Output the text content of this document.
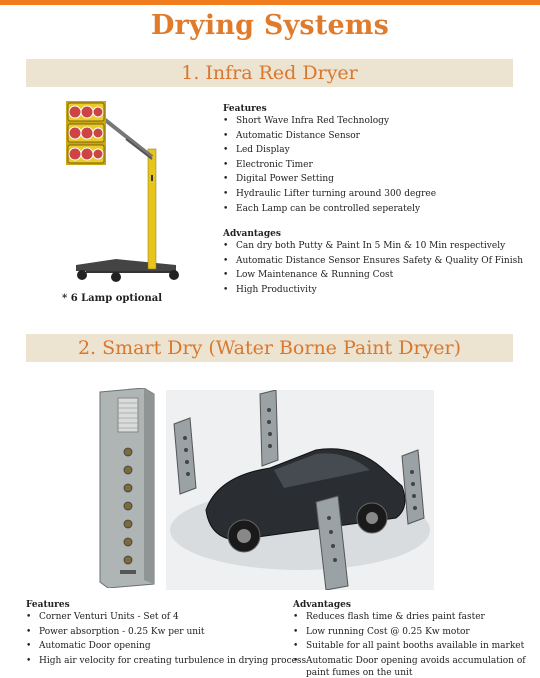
Drying Systems
1. Infra Red Dryer
* 6 Lamp optional
Features
• Short Wave Infra Red Technology
• Automatic Distance Sensor
• Led Display
• Electronic Timer
• Digital Power Setting
• Hydraulic Lifter turning around 300 degree
• Each Lamp can be controlled seperately
Advantages
• Can dry both Putty & Paint In 5 Min & 10 Min respectively
• Automatic Distance Sensor Ensures Safety & Quality Of Finish
• Low Maintenance & Running Cost
• High Productivity
2. Smart Dry (Water Borne Paint Dryer)
Features
• Corner Venturi Units - Set of 4
• Power absorption - 0.25 Kw per unit
• Automatic Door opening
• High air velocity for creating turbulence in drying process
Advantages
• Reduces flash time & dries paint faster
• Low running Cost @ 0.25 Kw motor
• Suitable for all paint booths available in market
• Automatic Door opening avoids accumulation of
paint fumes on the unit
